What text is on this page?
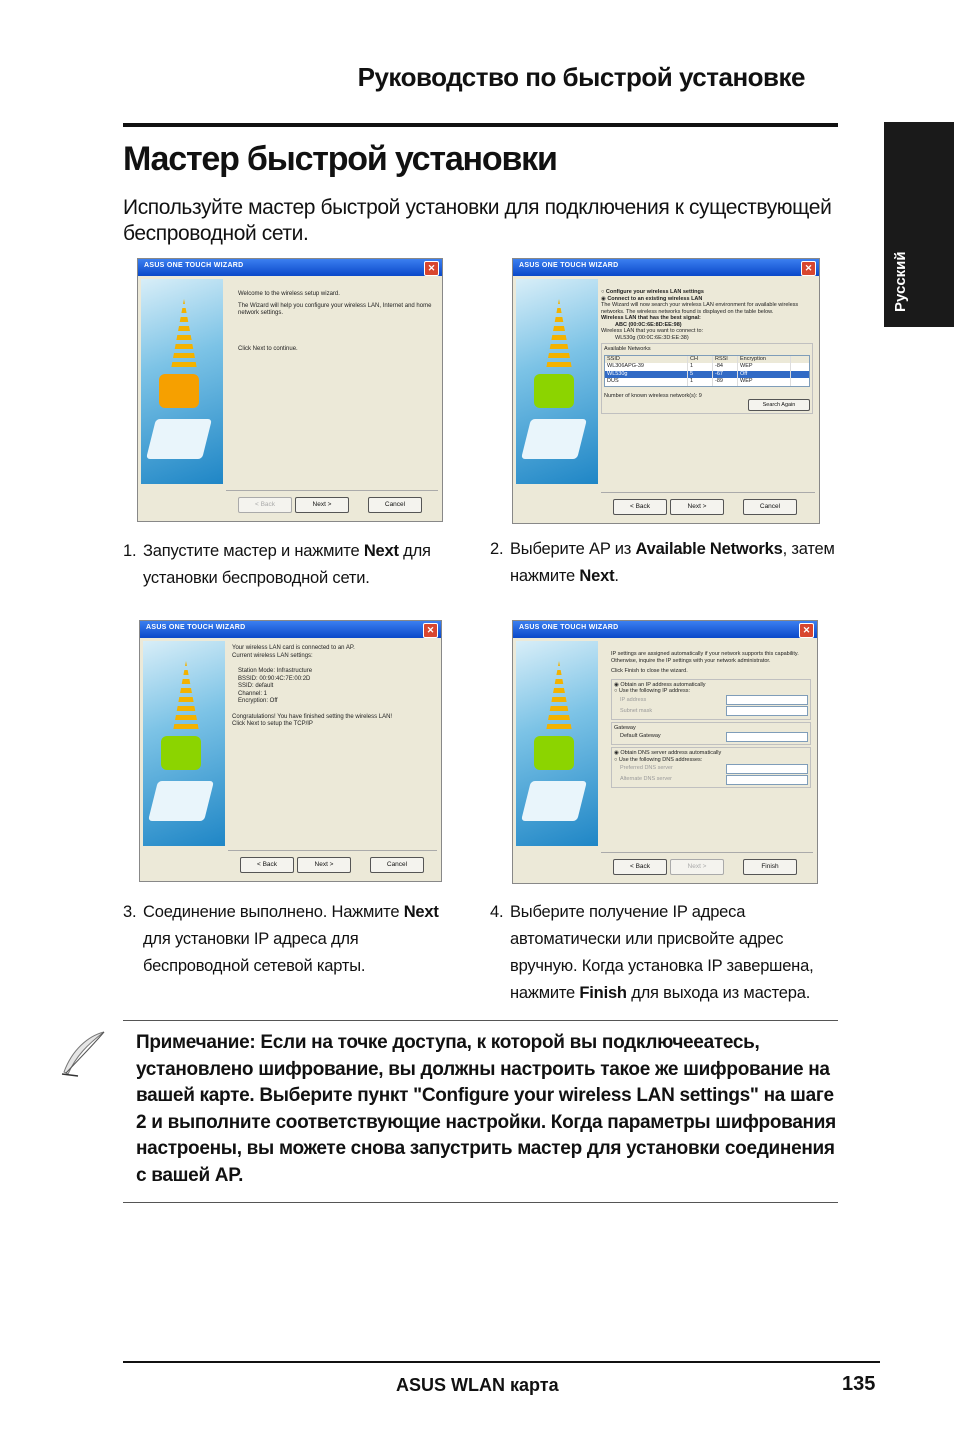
Руководство по быстрой установке
Русский
Мастер быстрой установки
Используйте мастер быстрой установки для подключения к существующей беспроводной сети.
ASUS ONE TOUCH WIZARD	✕

Welcome to the wireless setup wizard.

The Wizard will help you configure your wireless LAN, Internet and home network settings.

Click Next to continue.

< Back	Next >	Cancel
ASUS ONE TOUCH WIZARD	✕
○ Configure your wireless LAN settings
◉ Connect to an existing wireless LAN
The Wizard will now search your wireless LAN environment for available wireless networks. The wireless networks found is displayed on the table below.
Wireless LAN that has the best signal:
ABC (00:0C:6E:8D:EE:98)
Wireless LAN that you want to connect to:
WL530g (00:0C:6E:3D:EE:38)
Available Networks
SSID	CH	RSSI	Encryption
WL306APG-39	1	-84	WEP
WL530g	5	-67	Off
DUS	1	-89	WEP
Number of known wireless network(s): 9
Search Again
< Back	Next >	Cancel
1. Запустите мастер и нажмите Next для установки беспроводной сети.
2. Выберите AP из Available Networks, затем нажмите Next.
ASUS ONE TOUCH WIZARD	✕
Your wireless LAN card is connected to an AP.
Current wireless LAN settings:
Station Mode: Infrastructure
BSSID: 00:90:4C:7E:00:2D
SSID: default
Channel: 1
Encryption: Off
Congratulations! You have finished setting the wireless LAN!
Click Next to setup the TCP/IP
< Back	Next >	Cancel
ASUS ONE TOUCH WIZARD	✕
IP settings are assigned automatically if your network supports this capability. Otherwise, inquire the IP settings with your network administrator.
Click Finish to close the wizard.
◉ Obtain an IP address automatically
○ Use the following IP address:
IP address
Subnet mask
Gateway
Default Gateway
◉ Obtain DNS server address automatically
○ Use the following DNS addresses:
Preferred DNS server
Alternate DNS server
< Back	Next >	Finish
3. Соединение выполнено. Нажмите Next для установки IP адреса для беспроводной сетевой карты.
4. Выберите получение IP адреса автоматически или присвойте адрес вручную. Когда установка IP завершена, нажмите Finish для выхода из мастера.
Примечание: Если на точке доступа, к которой вы подключееатесь, установлено шифрование, вы должны настроить такое же шифрование на вашей карте. Выберите пункт "Configure your wireless LAN settings" на шаге 2 и выполните соответствующие настройки. Когда параметры шифрования настроены, вы можете снова запустрить мастер для установки соединения с вашей AP.
ASUS WLAN карта	135
